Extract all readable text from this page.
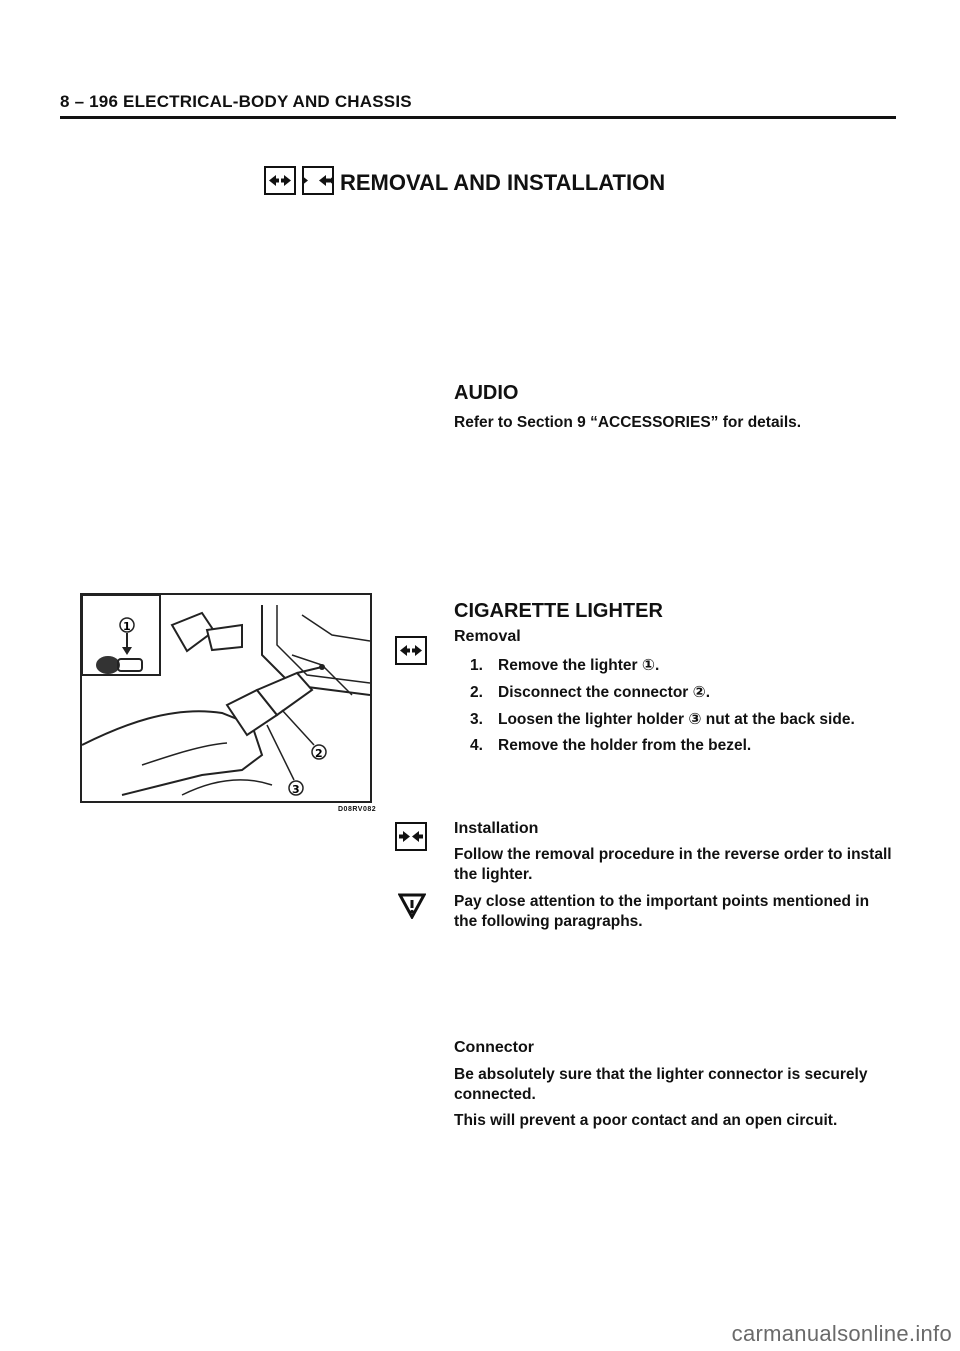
8 – 196 ELECTRICAL-BODY AND CHASSIS
REMOVAL AND INSTALLATION
AUDIO
Refer to Section 9 “ACCESSORIES” for details.
1
2
3
D08RV082
CIGARETTE LIGHTER
Removal
1. Remove the lighter ①.
2. Disconnect the connector ②.
3. Loosen the lighter holder ③ nut at the back side.
4. Remove the holder from the bezel.
Installation
Follow the removal procedure in the reverse order to install the lighter.
Pay close attention to the important points mentioned in the following paragraphs.
Connector
Be absolutely sure that the lighter connector is securely connected.
This will prevent a poor contact and an open circuit.
carmanualsonline.info
